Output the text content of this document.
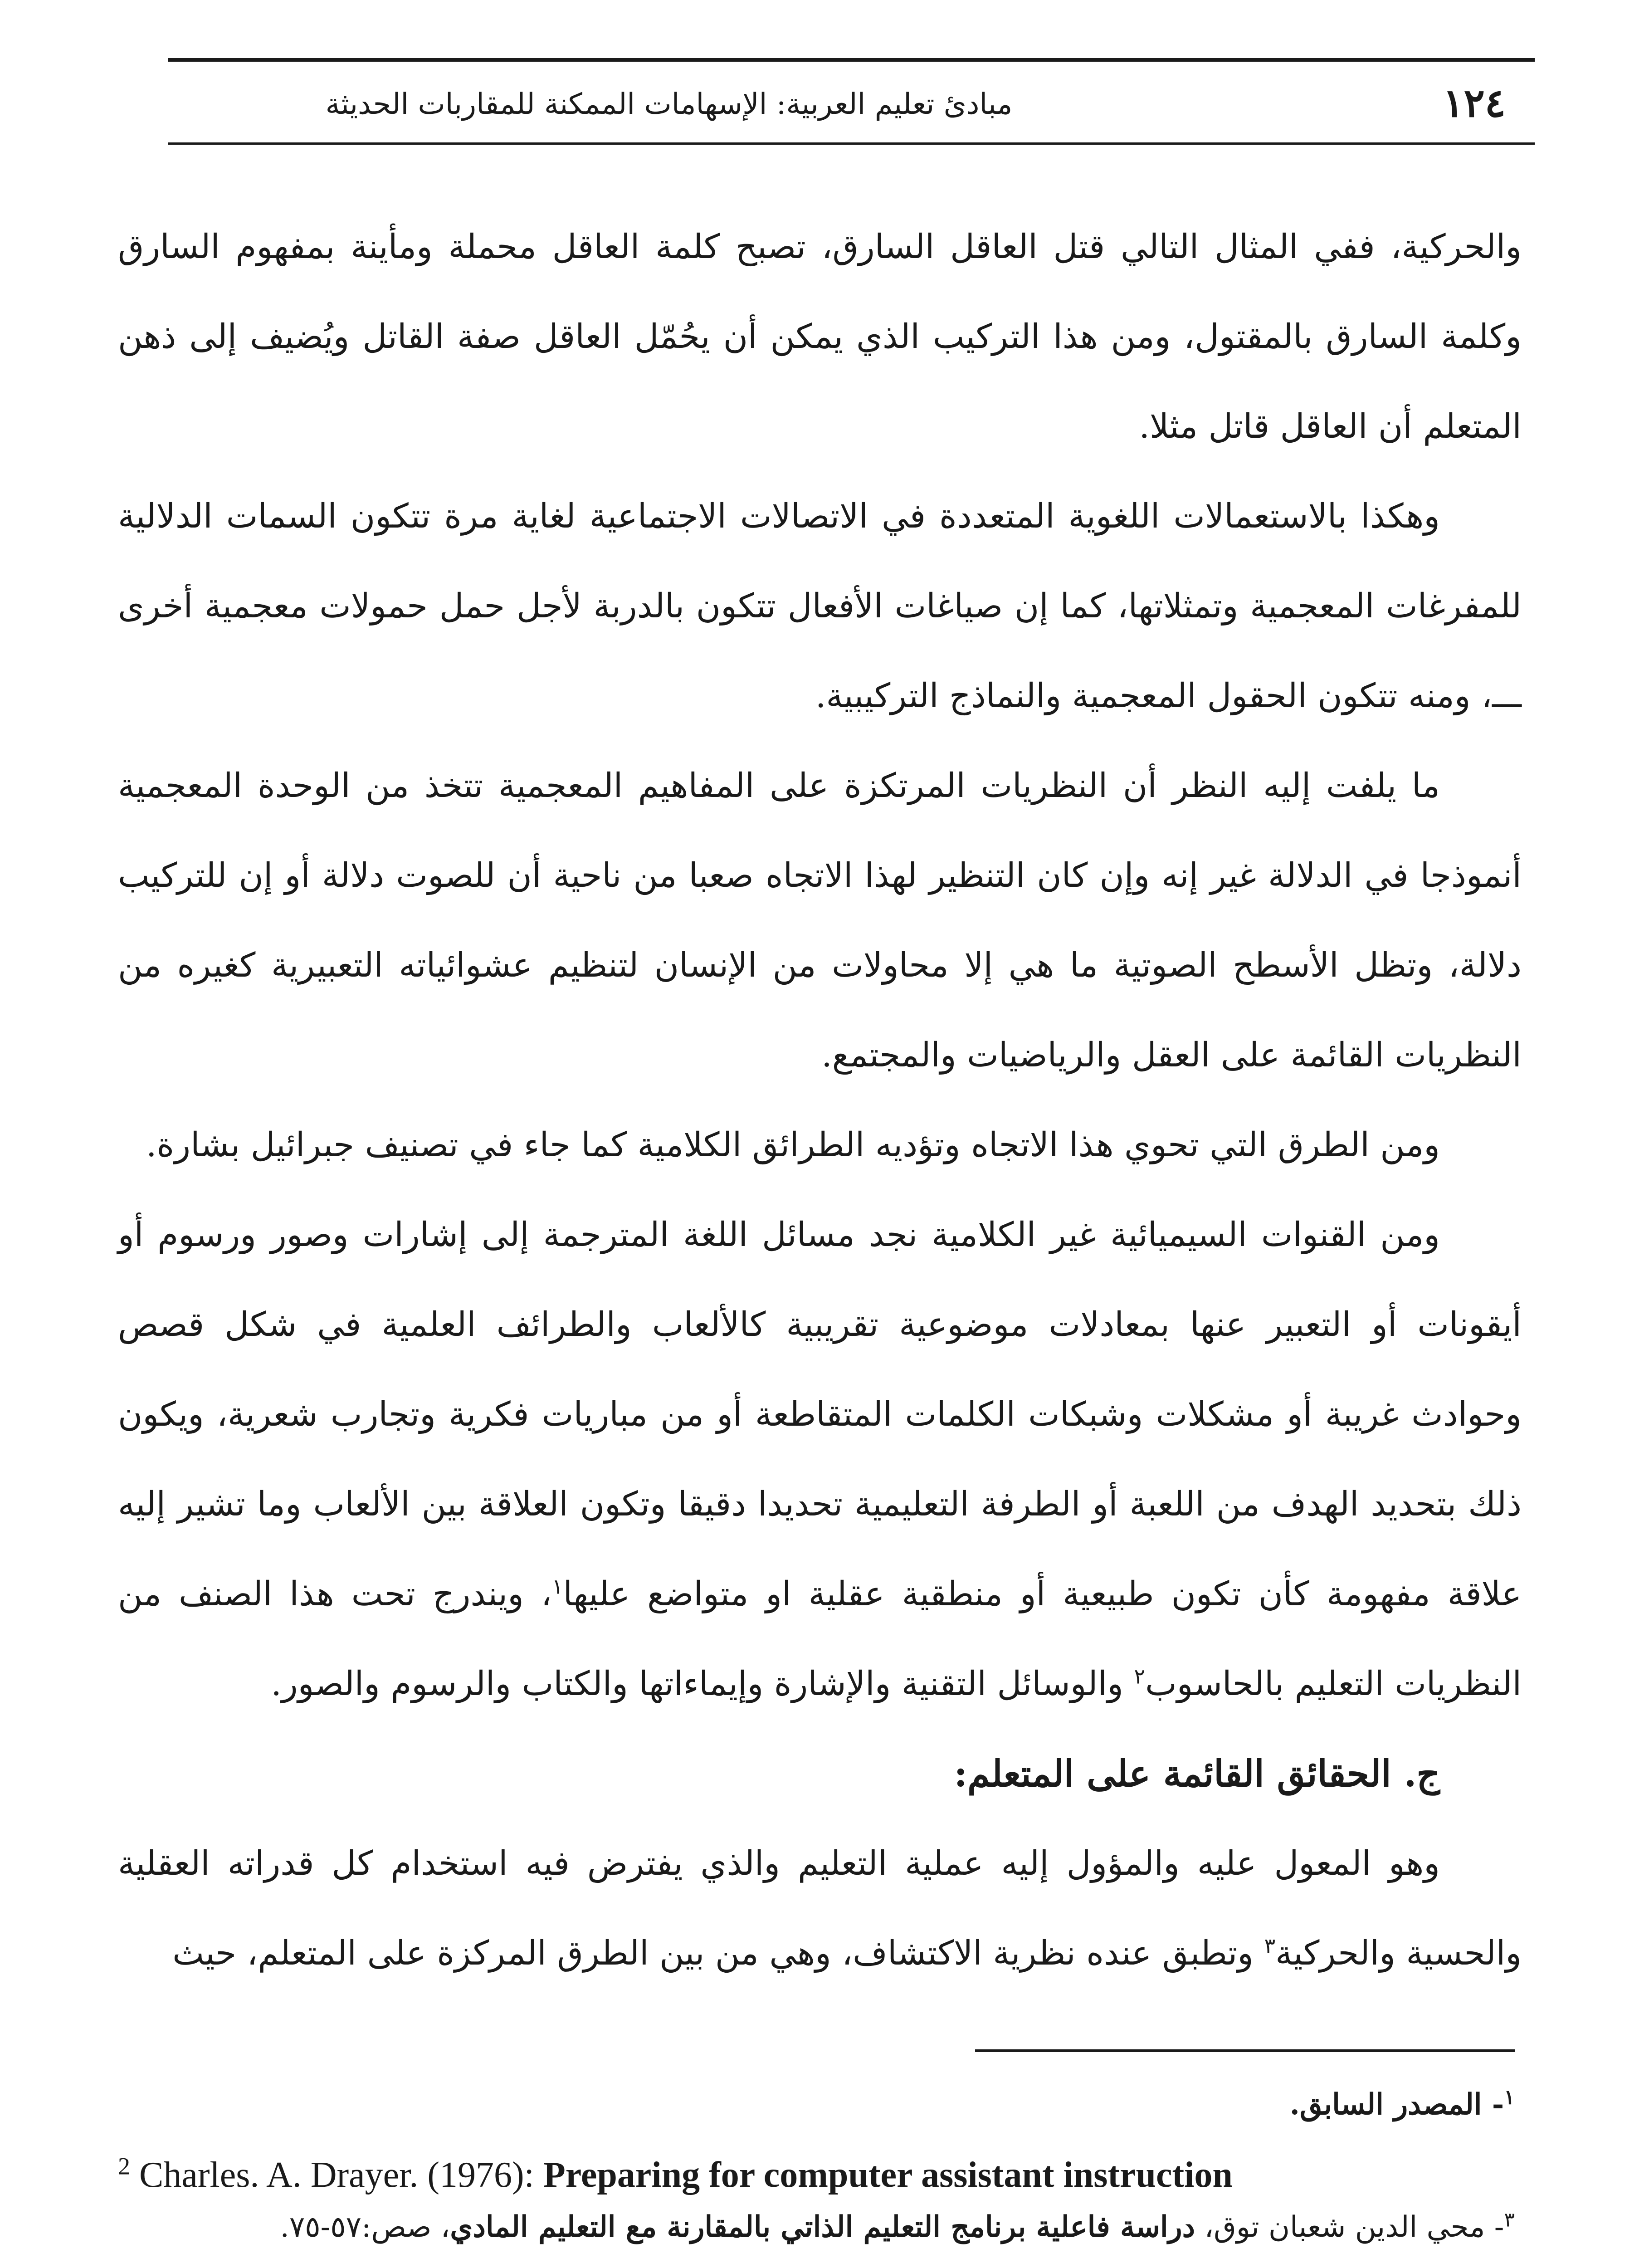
مبادئ تعليم العربية: الإسهامات الممكنة للمقاربات الحديثة	١٢٤

والحركية، ففي المثال التالي قتل العاقل السارق، تصبح كلمة العاقل محملة ومأينة بمفهوم السارق وكلمة السارق بالمقتول، ومن هذا التركيب الذي يمكن أن يحُمّل العاقل صفة القاتل ويُضيف إلى ذهن المتعلم أن العاقل قاتل مثلا.

وهكذا بالاستعمالات اللغوية المتعددة في الاتصالات الاجتماعية لغاية مرة تتكون السمات الدلالية للمفرغات المعجمية وتمثلاتها، كما إن صياغات الأفعال تتكون بالدربة لأجل حمل حمولات معجمية أخرى ـــ، ومنه تتكون الحقول المعجمية والنماذج التركيبية.

ما يلفت إليه النظر أن النظريات المرتكزة على المفاهيم المعجمية تتخذ من الوحدة المعجمية أنموذجا في الدلالة غير إنه وإن كان التنظير لهذا الاتجاه صعبا من ناحية أن للصوت دلالة أو إن للتركيب دلالة، وتظل الأسطح الصوتية ما هي إلا محاولات من الإنسان لتنظيم عشوائياته التعبيرية كغيره من النظريات القائمة على العقل والرياضيات والمجتمع.

ومن الطرق التي تحوي هذا الاتجاه وتؤديه الطرائق الكلامية كما جاء في تصنيف جبرائيل بشارة.

ومن القنوات السيميائية غير الكلامية نجد مسائل اللغة المترجمة إلى إشارات وصور ورسوم أو أيقونات أو التعبير عنها بمعادلات موضوعية تقريبية كالألعاب والطرائف العلمية في شكل قصص وحوادث غريبة أو مشكلات وشبكات الكلمات المتقاطعة أو من مباريات فكرية وتجارب شعرية، ويكون ذلك بتحديد الهدف من اللعبة أو الطرفة التعليمية تحديدا دقيقا وتكون العلاقة بين الألعاب وما تشير إليه علاقة مفهومة كأن تكون طبيعية أو منطقية عقلية او متواضع عليها$^١$، ويندرج تحت هذا الصنف من النظريات التعليم بالحاسوب$^٢$ والوسائل التقنية والإشارة وإيماءاتها والكتاب والرسوم والصور.

ج. الحقائق القائمة على المتعلم:

وهو المعول عليه والمؤول إليه عملية التعليم والذي يفترض فيه استخدام كل قدراته العقلية والحسية والحركية$^٣$ وتطبق عنده نظرية الاكتشاف، وهي من بين الطرق المركزة على المتعلم، حيث

$^١$- المصدر السابق.
$^2$ Charles. A. Drayer. (1976): Preparing for computer assistant instruction
$^٣$- محي الدين شعبان توق، دراسة فاعلية برنامج التعليم الذاتي بالمقارنة مع التعليم المادي، صص:٥٧-٧٥.
